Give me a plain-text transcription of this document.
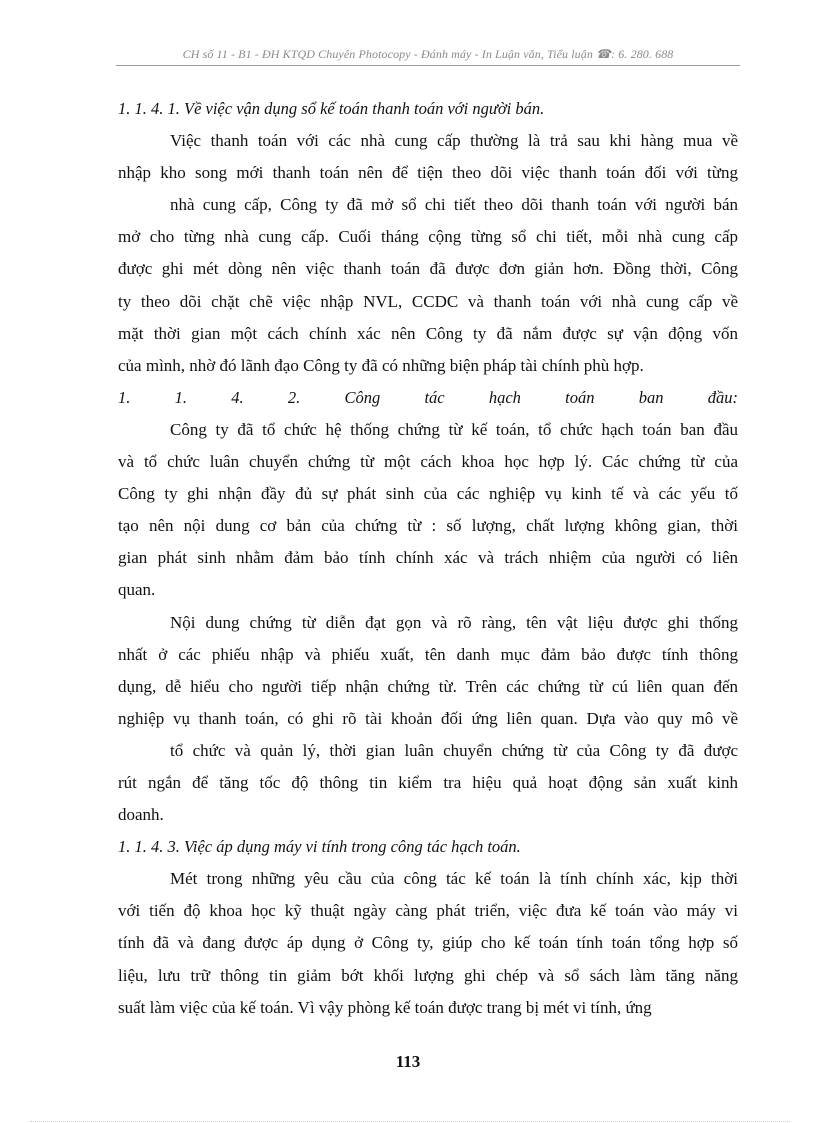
CH số 11 - B1 - ĐH KTQD Chuyên Photocopy - Đánh máy - In Luận văn, Tiểu luận ☎: 6. 280. 688
1. 1. 4. 1. Về việc vận dụng sổ kế toán thanh toán với người bán.
Việc thanh toán với các nhà cung cấp thường là trả sau khi hàng mua về
nhập kho song mới thanh toán nên để tiện theo dõi việc thanh toán đối với từng
nhà cung cấp, Công ty đã mở sổ chi tiết theo dõi thanh toán với người bán
mở cho từng nhà cung cấp. Cuối tháng cộng từng sổ chi tiết, mỗi nhà cung cấp
được ghi mét dòng nên việc thanh toán đã được đơn giản hơn. Đồng thời, Công
ty theo dõi chặt chẽ việc nhập NVL, CCDC và thanh toán với nhà cung cấp về
mặt thời gian một cách chính xác nên Công ty đã nắm được sự vận động vốn
của mình, nhờ đó lãnh đạo Công ty đã có những biện pháp tài chính phù hợp.
1. 1. 4. 2. Công tác hạch toán ban đầu:
Công ty đã tổ chức hệ thống chứng từ kế toán, tổ chức hạch toán ban đầu
và tổ chức luân chuyển chứng từ một cách khoa học hợp lý. Các chứng từ của
Công ty ghi nhận đầy đủ sự phát sinh của các nghiệp vụ kinh tế và các yếu tố
tạo nên nội dung cơ bản của chứng từ : số lượng, chất lượng không gian, thời
gian phát sinh nhằm đảm bảo tính chính xác và trách nhiệm của người có liên
quan.
Nội dung chứng từ diễn đạt gọn và rõ ràng, tên vật liệu được ghi thống
nhất ở các phiếu nhập và phiếu xuất, tên danh mục đảm bảo được tính thông
dụng, dễ hiểu cho người tiếp nhận chứng từ. Trên các chứng từ cú liên quan đến
nghiệp vụ thanh toán, có ghi rõ tài khoản đối ứng liên quan. Dựa vào quy mô về
tổ chức và quản lý, thời gian luân chuyển chứng từ của Công ty đã được
rút ngắn để tăng tốc độ thông tin kiểm tra hiệu quả hoạt động sản xuất kinh
doanh.
1. 1. 4. 3. Việc áp dụng máy vi tính trong công tác hạch toán.
Mét trong những yêu cầu của công tác kế toán là tính chính xác, kịp thời
với tiến độ khoa học kỹ thuật ngày càng phát triển, việc đưa kế toán vào máy vi
tính đã và đang được áp dụng ở Công ty, giúp cho kế toán tính toán tổng hợp số
liệu, lưu trữ thông tin giảm bớt khối lượng ghi chép và sổ sách làm tăng năng
suất làm việc của kế toán. Vì vậy phòng kế toán được trang bị mét vi tính, ứng
113
